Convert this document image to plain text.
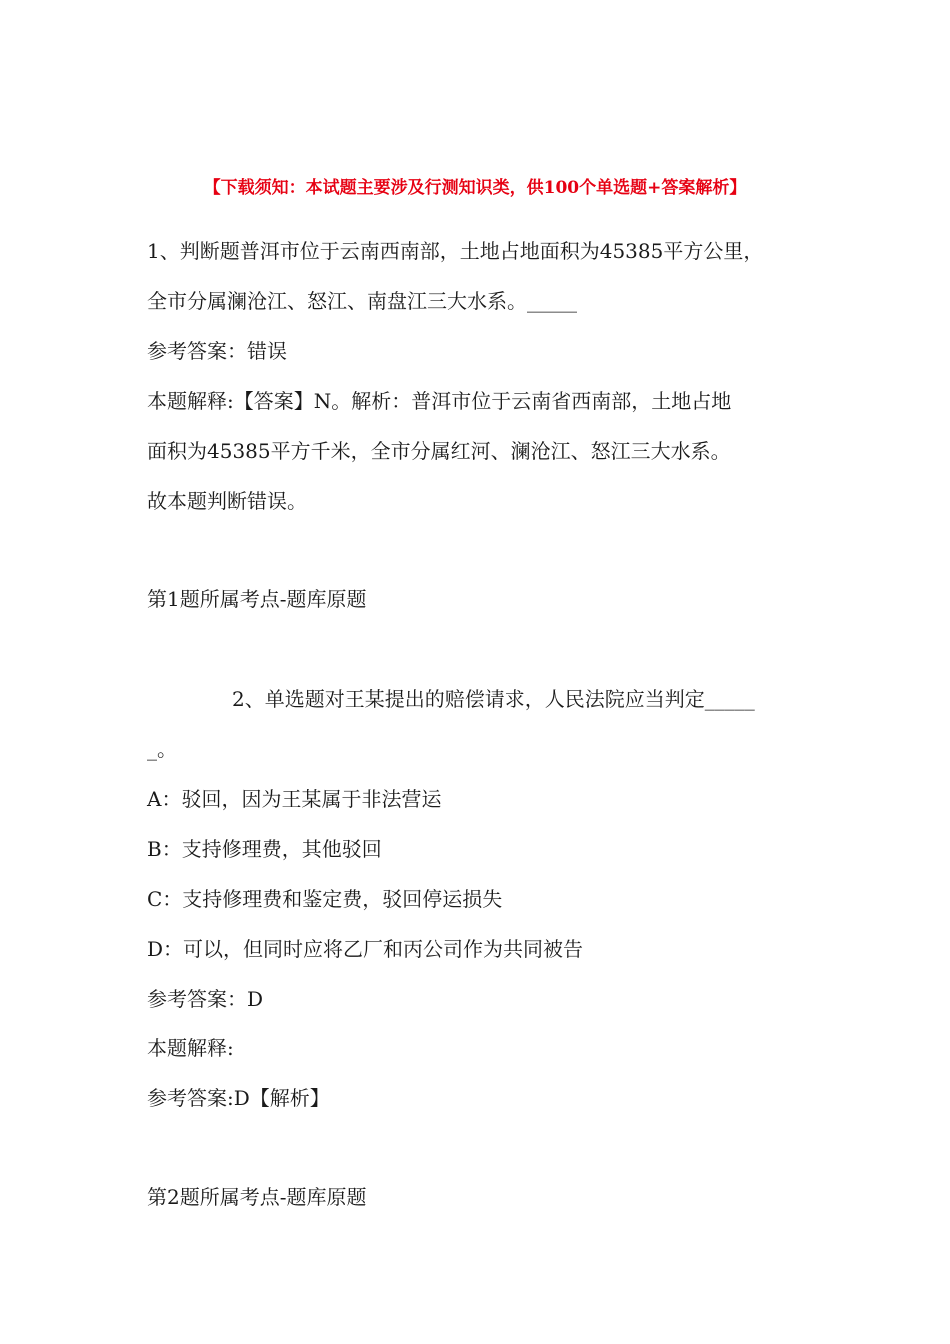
【下载须知：本试题主要涉及行测知识类，供100个单选题+答案解析】
1、判断题普洱市位于云南西南部，土地占地面积为45385平方公里，
全市分属澜沧江、怒江、南盘江三大水系。_____
参考答案：错误
本题解释:【答案】N。解析：普洱市位于云南省西南部，土地占地
面积为45385平方千米，全市分属红河、澜沧江、怒江三大水系。
故本题判断错误。
第1题所属考点-题库原题
2、单选题对王某提出的赔偿请求，人民法院应当判定_____
_。
A：驳回，因为王某属于非法营运
B：支持修理费，其他驳回
C：支持修理费和鉴定费，驳回停运损失
D：可以，但同时应将乙厂和丙公司作为共同被告
参考答案：D
本题解释:
参考答案:D【解析】
第2题所属考点-题库原题
